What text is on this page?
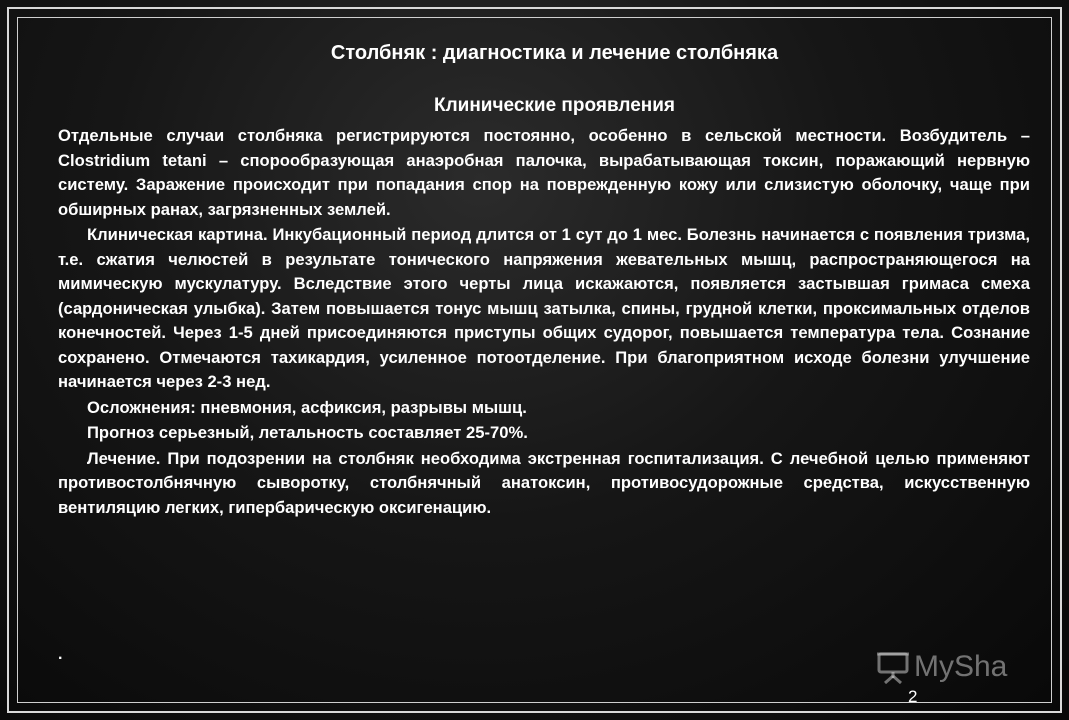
Столбняк : диагностика и лечение столбняка
Клинические проявления

Отдельные случаи столбняка регистрируются постоянно, особенно в сельской местности. Возбудитель – Clostridium tetani – спорообразующая анаэробная палочка, вырабатывающая токсин, поражающий нервную систему. Заражение происходит при попадания спор на поврежденную кожу или слизистую оболочку, чаще при обширных ранах, загрязненных землей.

Клиническая картина. Инкубационный период длится от 1 сут до 1 мес. Болезнь начинается с появления тризма, т.е. сжатия челюстей в результате тонического напряжения жевательных мышц, распространяющегося на мимическую мускулатуру. Вследствие этого черты лица искажаются, появляется застывшая гримаса смеха (сардоническая улыбка). Затем повышается тонус мышц затылка, спины, грудной клетки, проксимальных отделов конечностей. Через 1-5 дней присоединяются приступы общих судорог, повышается температура тела. Сознание сохранено. Отмечаются тахикардия, усиленное потоотделение. При благоприятном исходе болезни улучшение начинается через 2-3 нед.

Осложнения: пневмония, асфиксия, разрывы мышц.

Прогноз серьезный, летальность составляет 25-70%.

Лечение. При подозрении на столбняк необходима экстренная госпитализация. С лечебной целью применяют противостолбнячную сыворотку, столбнячный анатоксин, противосудорожные средства, искусственную вентиляцию легких, гипербарическую оксигенацию.

.	MySha
2
